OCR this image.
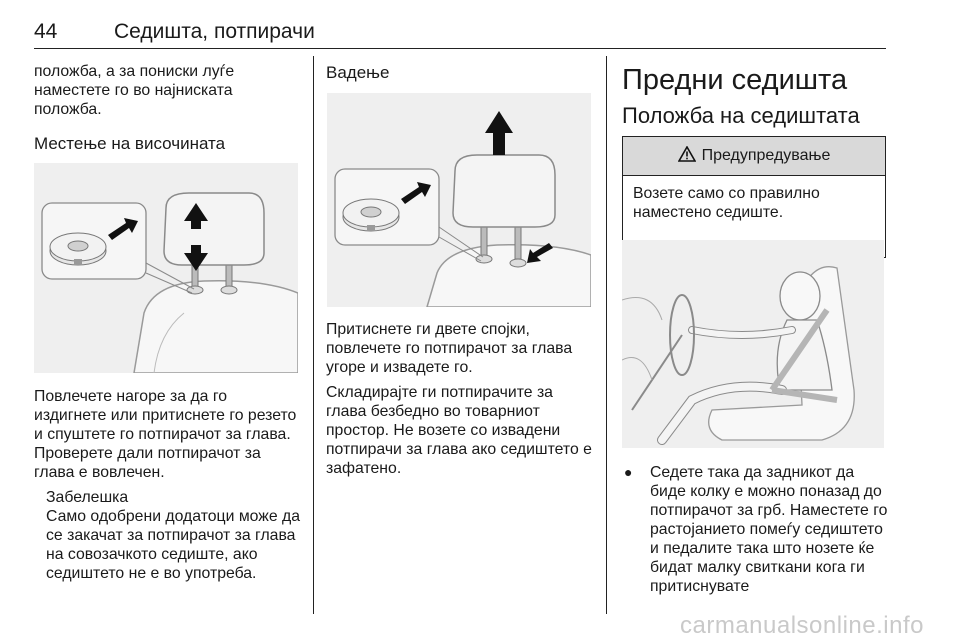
44	Седишта, потпирачи

положба, а за пониски луѓе наместете го во најниската положба.

Местење на височината

Повлечете нагоре за да го издигнете или притиснете го резето и спуштете го потпирачот за глава. Проверете дали потпирачот за глава е вовлечен.

Забелешка

Само одобрени додатоци може да се закачат за потпирачот за глава на совозачкото седиште, ако седиштето не е во употреба.

Вадење

Притиснете ги двете спојки, повлечете го потпирачот за глава угоре и извадете го.

Складирајте ги потпирачите за глава безбедно во товарниот простор. Не возете со извадени потпирачи за глава ако седиштето е зафатено.

Предни седишта
Положба на седиштата
Предупредување
Возете само со правилно наместено седиште.
● Седете така да задникот да биде колку е можно поназад до потпирачот за грб. Наместете го растојанието помеѓу седиштето и педалите така што нозете ќе бидат малку свиткани кога ги притиснувате
carmanualsonline.info
